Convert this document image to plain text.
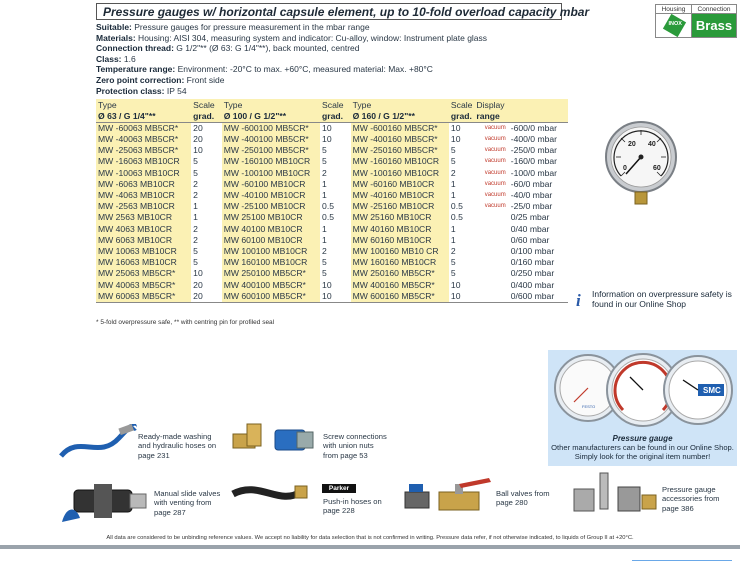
Pressure gauges w/ horizontal capsule element, up to 10-fold overload capacity mbar
Suitable: Pressure gauges for pressure measurement in the mbar range
Materials: Housing: AISI 304, measuring system and indicator: Cu-alloy, window: Instrument plate glass
Connection thread: G 1/2"** (Ø 63: G 1/4"**), back mounted, centred
Class: 1.6
Temperature range: Environment: -20°C to max. +60°C, measured material: Max. +80°C
Zero point correction: Front side
Protection class: IP 54
Housing	Connection
INOX	Brass
Type	Scale	Type	Scale	Type	Scale	Display	
Ø 63 / G 1/4"**	grad.	Ø 100 / G 1/2"**	grad.	Ø 160 / G 1/2"**	grad.	range	
MW -60063 MB5CR*	20	MW -600100 MB5CR*	10	MW -600160 MB5CR*	10	vacuum	-600/0 mbar
MW -40063 MB5CR*	20	MW -400100 MB5CR*	10	MW -400160 MB5CR*	10	vacuum	-400/0 mbar
MW -25063 MB5CR*	10	MW -250100 MB5CR*	5	MW -250160 MB5CR*	5	vacuum	-250/0 mbar
MW -16063 MB10CR	5	MW -160100 MB10CR	5	MW -160160 MB10CR	5	vacuum	-160/0 mbar
MW -10063 MB10CR	5	MW -100100 MB10CR	2	MW -100160 MB10CR	2	vacuum	-100/0 mbar
MW -6063 MB10CR	2	MW -60100 MB10CR	1	MW -60160 MB10CR	1	vacuum	-60/0 mbar
MW -4063 MB10CR	2	MW -40100 MB10CR	1	MW -40160 MB10CR	1	vacuum	-40/0 mbar
MW -2563 MB10CR	1	MW -25100 MB10CR	0.5	MW -25160 MB10CR	0.5	vacuum	-25/0 mbar
MW 2563 MB10CR	1	MW 25100 MB10CR	0.5	MW 25160 MB10CR	0.5		0/25 mbar
MW 4063 MB10CR	2	MW 40100 MB10CR	1	MW 40160 MB10CR	1		0/40 mbar
MW 6063 MB10CR	2	MW 60100 MB10CR	1	MW 60160 MB10CR	1		0/60 mbar
MW 10063 MB10CR	5	MW 100100 MB10CR	2	MW 100160 MB10 CR	2		0/100 mbar
MW 16063 MB10CR	5	MW 160100 MB10CR	5	MW 160160 MB10CR	5		0/160 mbar
MW 25063 MB5CR*	10	MW 250100 MB5CR*	5	MW 250160 MB5CR*	5		0/250 mbar
MW 40063 MB5CR*	20	MW 400100 MB5CR*	10	MW 400160 MB5CR*	10		0/400 mbar
MW 60063 MB5CR*	20	MW 600100 MB5CR*	10	MW 600160 MB5CR*	10		0/600 mbar
* 5-fold overpressure safe, ** with centring pin for profiled seal
20 40
0	60
i	Information on overpressure safety is found in our Online Shop
FESTO
SMC
Pressure gauge
Other manufacturers can be found in our Online Shop. Simply look for the original item number!
Ready-made washing and hydraulic hoses on page 231
Screw connections with union nuts from page 53
Manual slide valves with venting from page 287
Parker
Push-in hoses on page 228
Ball valves from page 280
Pressure gauge accessories from page 386
All data are considered to be unbinding reference values. We accept no liability for data selection that is not confirmed in writing. Pressure data refer, if not otherwise indicated, to liquids of Group II at +20°C.
